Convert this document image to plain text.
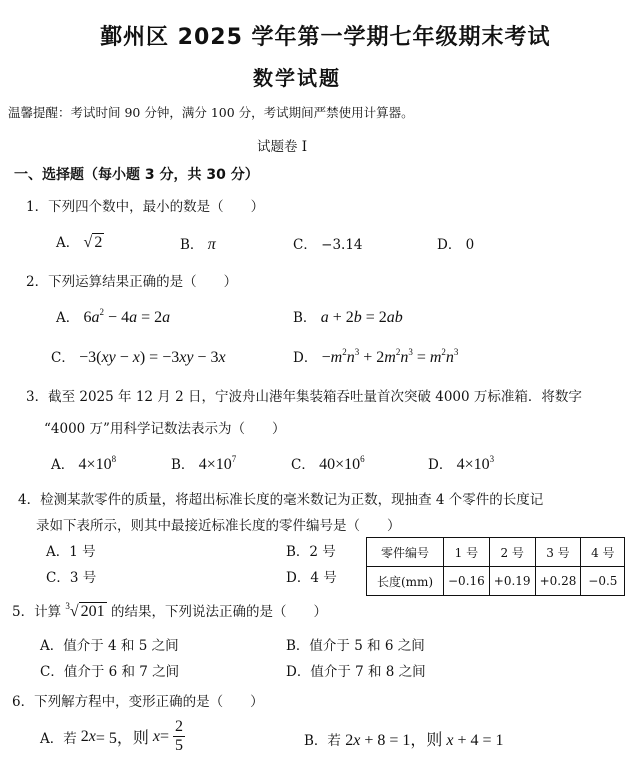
鄞州区 2025 学年第一学期七年级期末考试
数学试题
温馨提醒：考试时间 90 分钟，满分 100 分，考试期间严禁使用计算器。
试题卷 I
一、选择题（每小题 3 分，共 30 分）
1．下列四个数中，最小的数是（　　）
A． √ 2	B． π	C． −3.14	D． 0
2．下列运算结果正确的是（　　）
A． $6a^2 - 4a = 2a$	B． a + 2b = 2ab
C． −3(xy − x) = −3xy − 3x	D． $-m^2n^3 + 2m^2n^3 = m^2n^3$
3．截至 2025 年 12 月 2 日，宁波舟山港年集装箱吞吐量首次突破 4000 万标准箱．将数字
“4000 万”用科学记数法表示为（　　）
A． $4\times 10^8$	B． $4\times 10^7$	C． $40\times 10^6$	D． $4\times 10^3$
4．检测某款零件的质量，将超出标准长度的毫米数记为正数，现抽查 4 个零件的长度记
录如下表所示，则其中最接近标准长度的零件编号是（　　）
A．1 号	B．2 号
C．3 号	D．4 号
零件编号	1 号	2 号	3 号	4 号
长度(mm)	−0.16	+0.19	+0.28	−0.5
5．计算 $^3$√ 201 的结果，下列说法正确的是（　　）
A．值介于 4 和 5 之间	B．值介于 5 和 6 之间
C．值介于 6 和 7 之间	D．值介于 7 和 8 之间
6．下列解方程中，变形正确的是（　　）
A．若 2 x = 5，则 $x = \frac{2}{5}$	B．若 2x + 8 = 1，则 x + 4 = 1
